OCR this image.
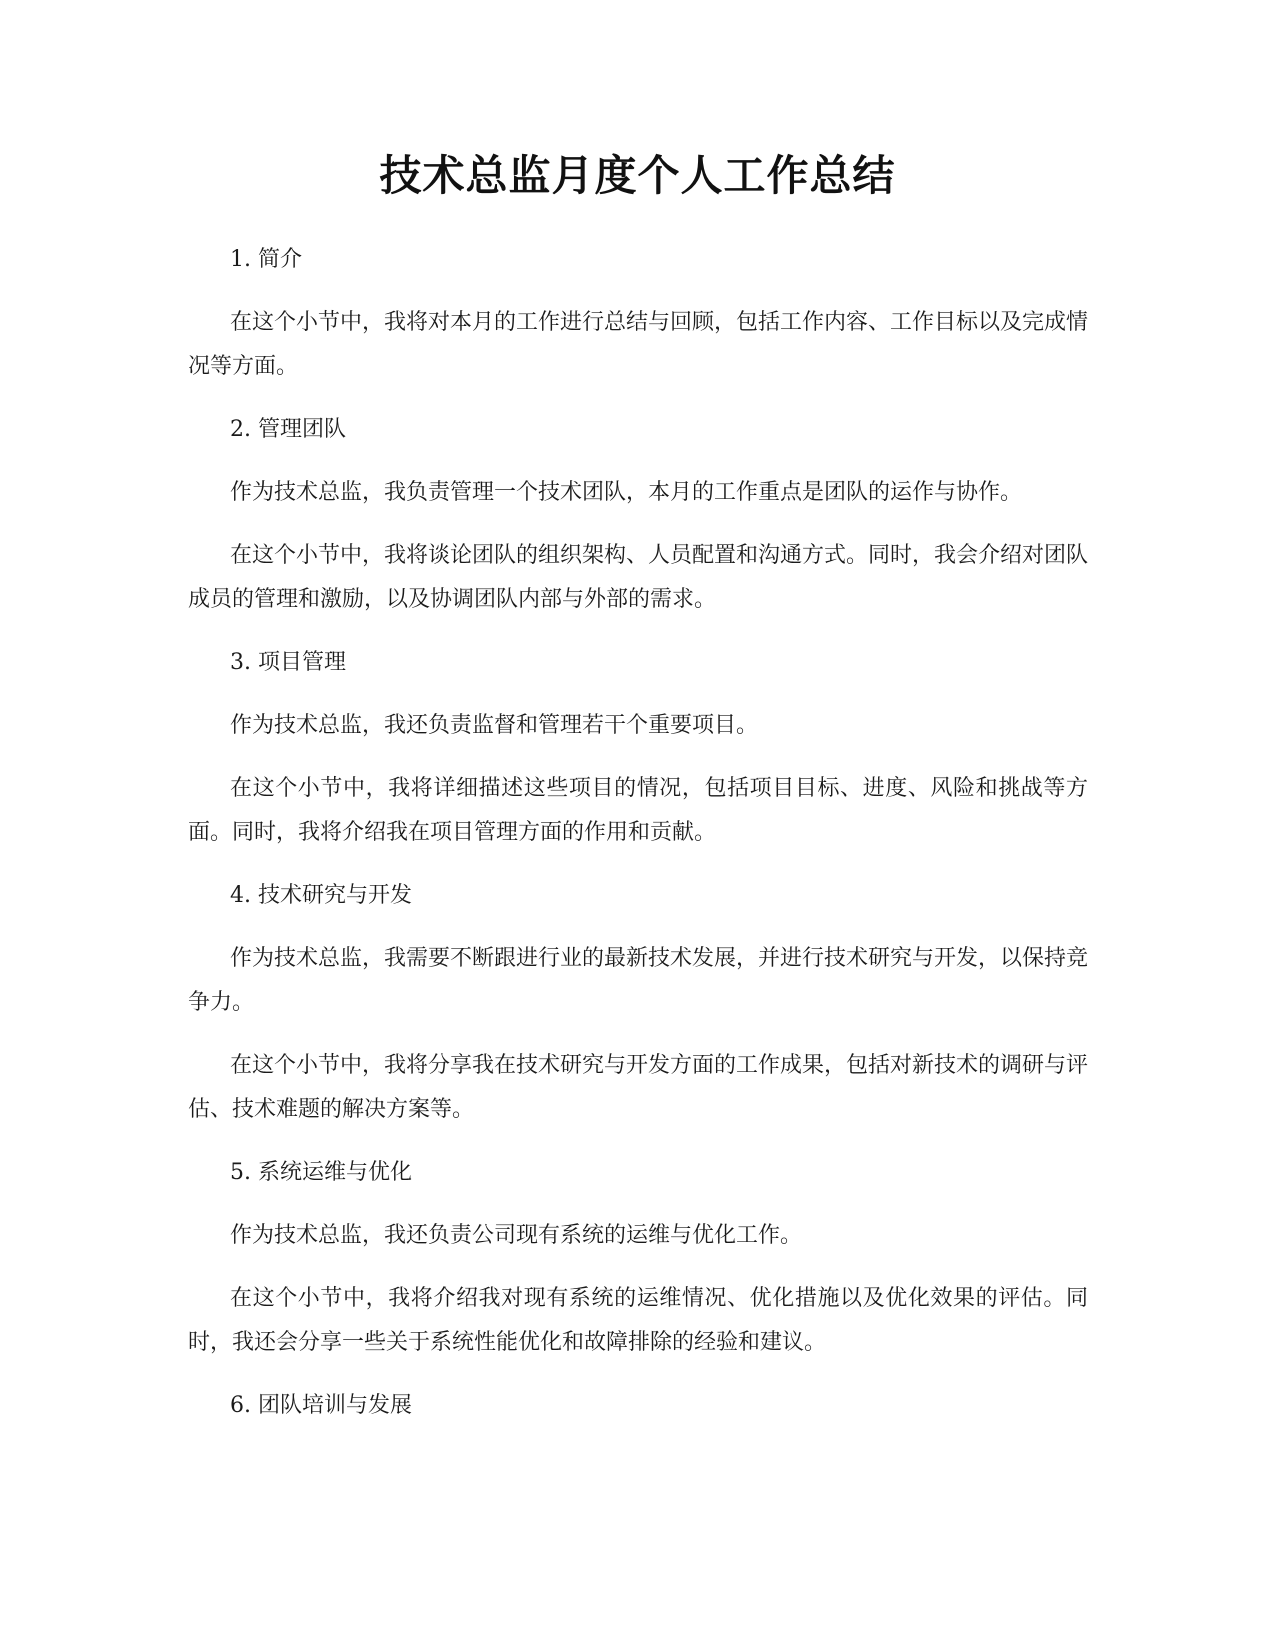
技术总监月度个人工作总结
1. 简介

在这个小节中，我将对本月的工作进行总结与回顾，包括工作内容、工作目标以及完成情况等方面。

2. 管理团队

作为技术总监，我负责管理一个技术团队，本月的工作重点是团队的运作与协作。

在这个小节中，我将谈论团队的组织架构、人员配置和沟通方式。同时，我会介绍对团队成员的管理和激励，以及协调团队内部与外部的需求。

3. 项目管理

作为技术总监，我还负责监督和管理若干个重要项目。

在这个小节中，我将详细描述这些项目的情况，包括项目目标、进度、风险和挑战等方面。同时，我将介绍我在项目管理方面的作用和贡献。

4. 技术研究与开发

作为技术总监，我需要不断跟进行业的最新技术发展，并进行技术研究与开发，以保持竞争力。

在这个小节中，我将分享我在技术研究与开发方面的工作成果，包括对新技术的调研与评估、技术难题的解决方案等。

5. 系统运维与优化

作为技术总监，我还负责公司现有系统的运维与优化工作。

在这个小节中，我将介绍我对现有系统的运维情况、优化措施以及优化效果的评估。同时，我还会分享一些关于系统性能优化和故障排除的经验和建议。

6. 团队培训与发展
